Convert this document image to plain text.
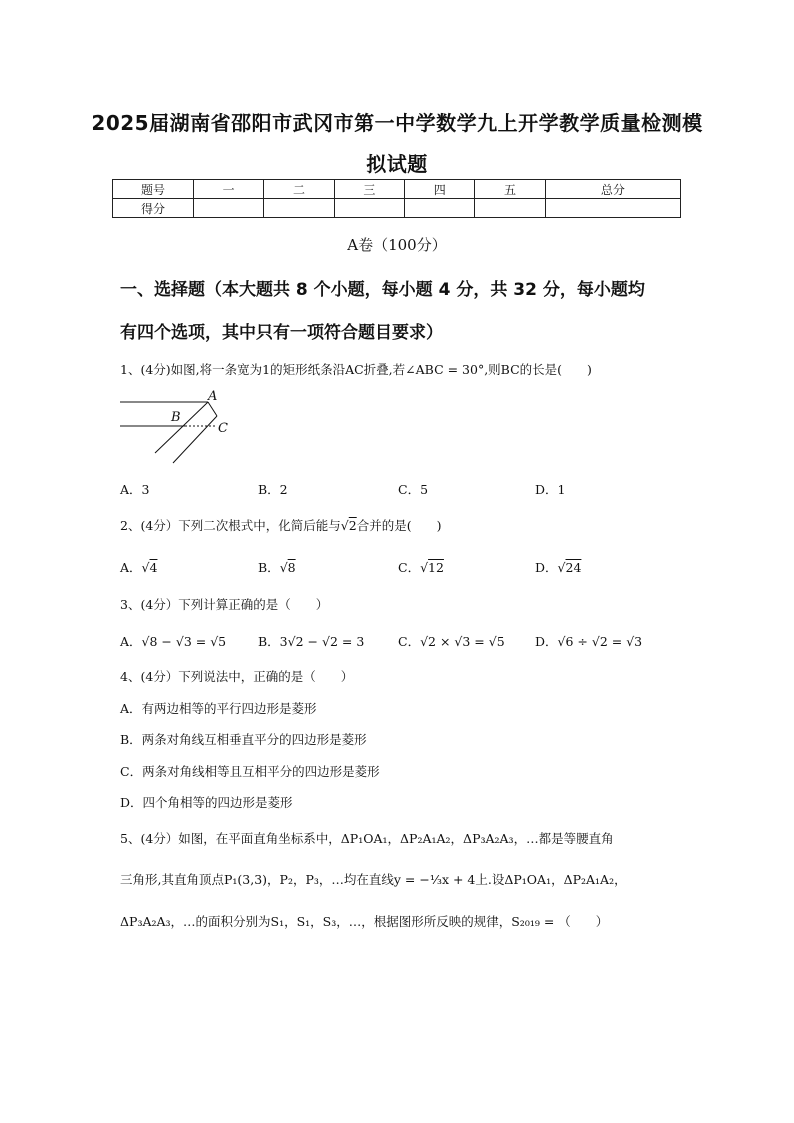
2025届湖南省邵阳市武冈市第一中学数学九上开学教学质量检测模
拟试题
题号	一	二	三	四	五	总分
得分						
A卷（100分）
一、选择题（本大题共 8 个小题，每小题 4 分，共 32 分，每小题均
有四个选项，其中只有一项符合题目要求）
1、(4分)如图,将一条宽为1的矩形纸条沿AC折叠,若∠ABC = 30°,则BC的长是(　　)
A
B
C
A．3	B．2	C．5	D．1
2、(4分）下列二次根式中，化简后能与√2合并的是(　　)
A．√4	B．√8	C．√12	D．√24
3、(4分）下列计算正确的是（　　）
A．√8 − √3 = √5	B．3√2 − √2 = 3	C．√2 × √3 = √5 D．√6 ÷ √2 = √3
4、(4分）下列说法中，正确的是（　　）
A．有两边相等的平行四边形是菱形
B．两条对角线互相垂直平分的四边形是菱形
C．两条对角线相等且互相平分的四边形是菱形
D．四个角相等的四边形是菱形
5、(4分）如图，在平面直角坐标系中，ΔP₁OA₁，ΔP₂A₁A₂，ΔP₃A₂A₃，…都是等腰直角
三角形,其直角顶点P₁(3,3)，P₂，P₃，…均在直线y = −⅓x + 4上.设ΔP₁OA₁，ΔP₂A₁A₂，
ΔP₃A₂A₃，…的面积分别为S₁，S₁，S₃，…，根据图形所反映的规律，S₂₀₁₉ = （　　）
